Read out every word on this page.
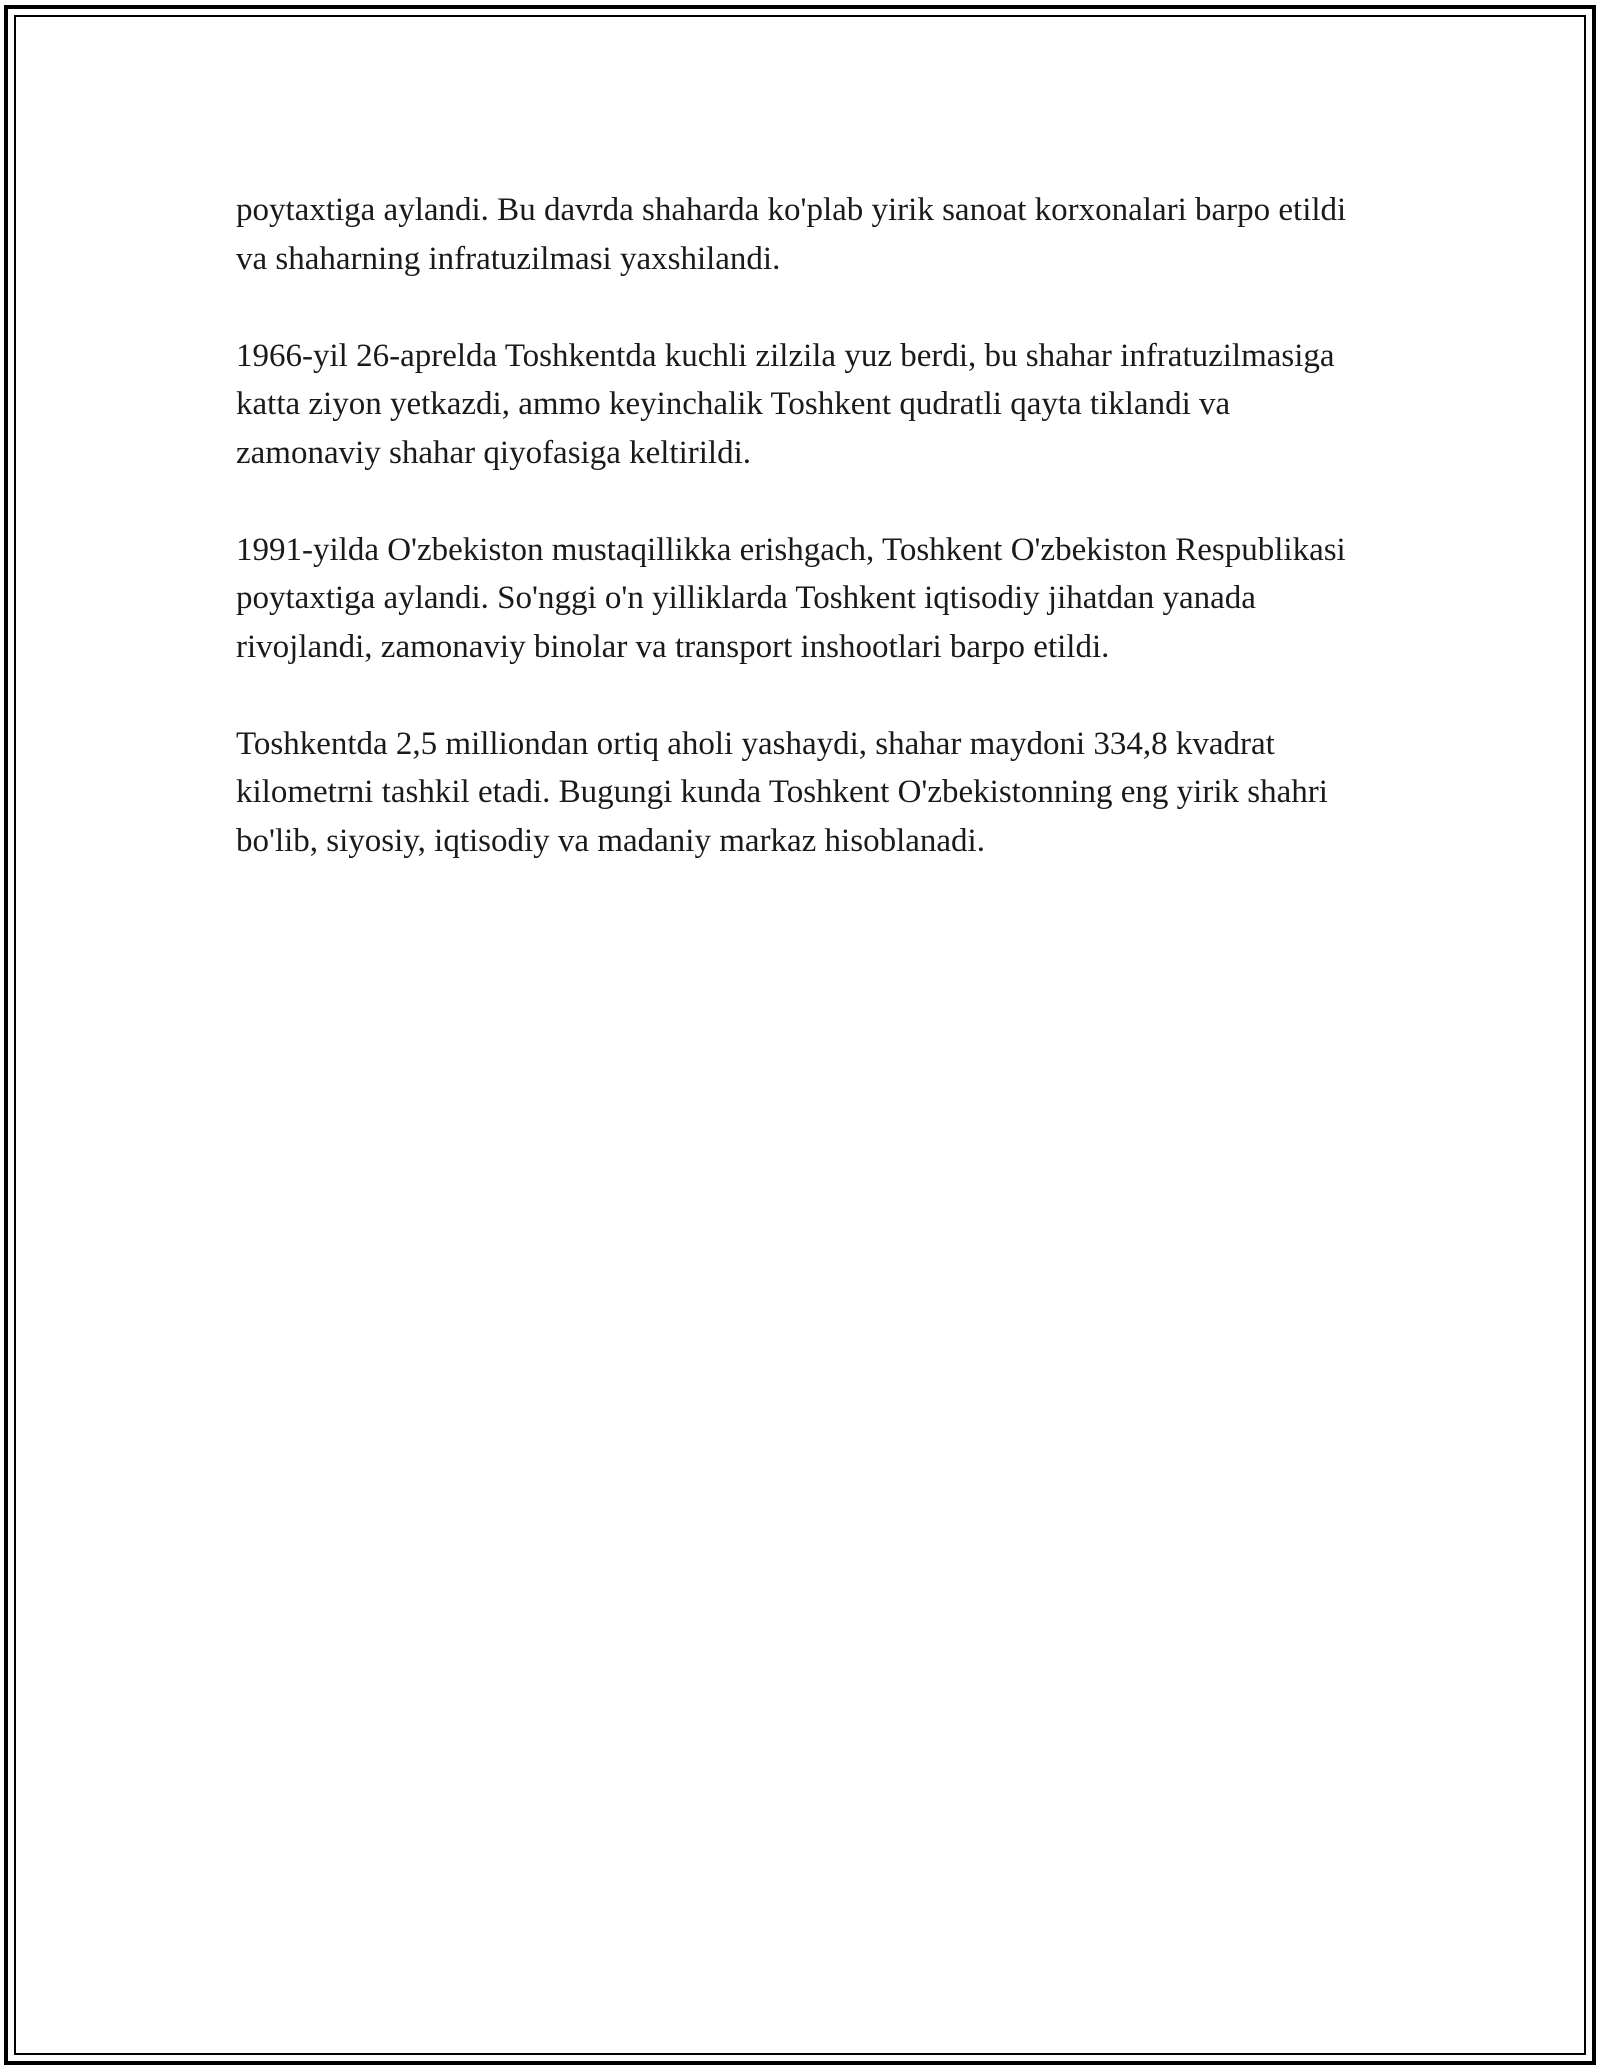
poytaxtiga aylandi. Bu davrda shaharda ko'plab yirik sanoat korxonalari barpo etildi va shaharning infratuzilmasi yaxshilandi.

1966-yil 26-aprelda Toshkentda kuchli zilzila yuz berdi, bu shahar infratuzilmasiga katta ziyon yetkazdi, ammo keyinchalik Toshkent qudratli qayta tiklandi va zamonaviy shahar qiyofasiga keltirildi.

1991-yilda O'zbekiston mustaqillikka erishgach, Toshkent O'zbekiston Respublikasi poytaxtiga aylandi. So'nggi o'n yilliklarda Toshkent iqtisodiy jihatdan yanada rivojlandi, zamonaviy binolar va transport inshootlari barpo etildi.

Toshkentda 2,5 milliondan ortiq aholi yashaydi, shahar maydoni 334,8 kvadrat kilometrni tashkil etadi. Bugungi kunda Toshkent O'zbekistonning eng yirik shahri bo'lib, siyosiy, iqtisodiy va madaniy markaz hisoblanadi.
